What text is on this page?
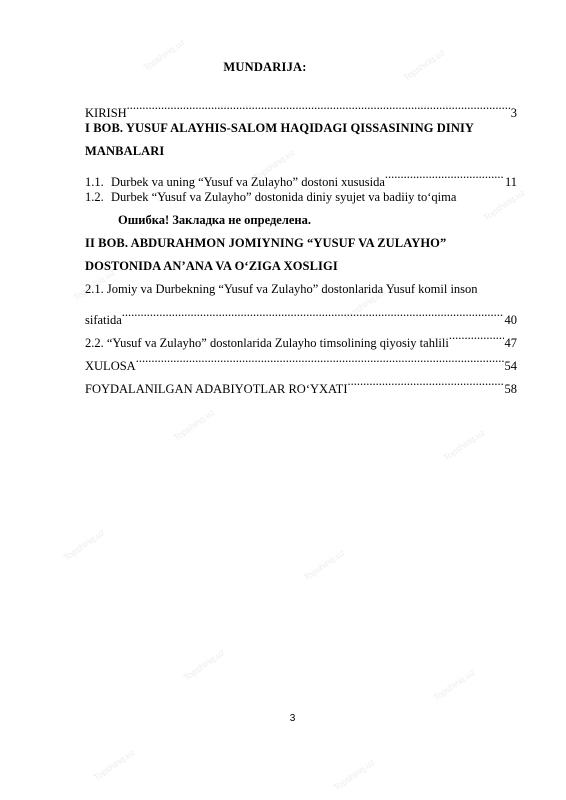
MUNDARIJA:
KIRISH .....	3
I BOB. YUSUF ALAYHIS-SALOM HAQIDAGI QISSASINING DINIY
MANBALARI
1.1. Durbek va uning “Yusuf va Zulayho” dostoni xususida .....	11
1.2. Durbek “Yusuf va Zulayho” dostonida diniy syujet va badiiy to‘qima
Ошибка! Закладка не определена.
II BOB. ABDURAHMON JOMIYNING “YUSUF VA ZULAYHO”
DOSTONIDA AN’ANA VA O‘ZIGA XOSLIGI
2.1. Jomiy va Durbekning “Yusuf va Zulayho” dostonlarida Yusuf komil inson
sifatida .....	40
2.2. “Yusuf va Zulayho” dostonlarida Zulayho timsolining qiyosiy tahlili .....	47
XULOSA .....	54
FOYDALANILGAN ADABIYOTLAR RO‘YXATI .....	58
3
Topshiriq.uz	Topshiriq.uz
Topshiriq.uz
Topshiriq.uz
Topshiriq.uz
Topshiriq.uz
Topshiriq.uz
Topshiriq.uz
Topshiriq.uz
Topshiriq.uz
Topshiriq.uz
Topshiriq.uz
Topshiriq.uz	Topshiriq.uz
